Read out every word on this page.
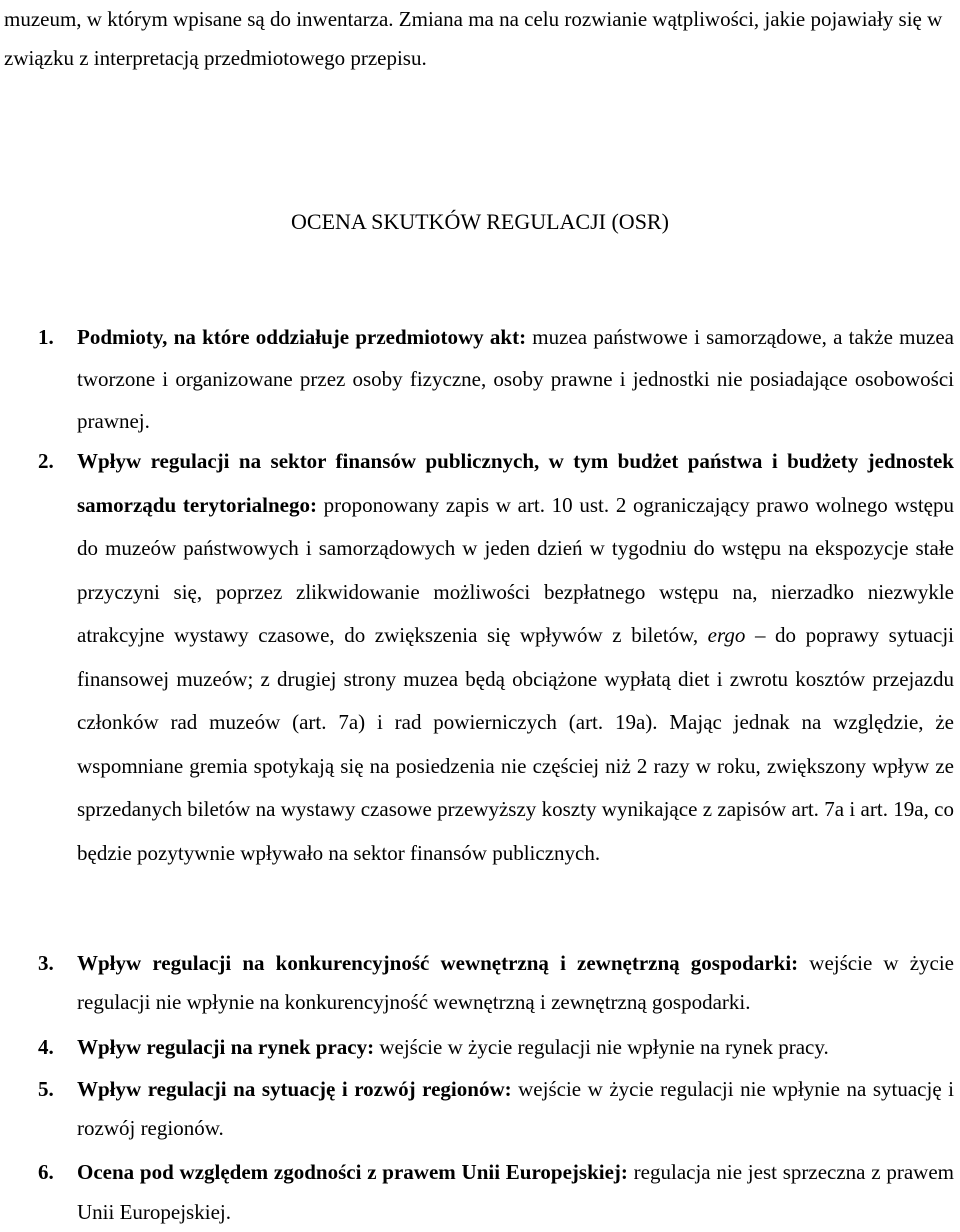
muzeum, w którym wpisane są do inwentarza. Zmiana ma na celu rozwianie wątpliwości, jakie pojawiały się w związku z interpretacją przedmiotowego przepisu.

OCENA SKUTKÓW REGULACJI (OSR)
1. Podmioty, na które oddziałuje przedmiotowy akt: muzea państwowe i samorządowe, a także muzea tworzone i organizowane przez osoby fizyczne, osoby prawne i jednostki nie posiadające osobowości prawnej.
2. Wpływ regulacji na sektor finansów publicznych, w tym budżet państwa i budżety jednostek samorządu terytorialnego: proponowany zapis w art. 10 ust. 2 ograniczający prawo wolnego wstępu do muzeów państwowych i samorządowych w jeden dzień w tygodniu do wstępu na ekspozycje stałe przyczyni się, poprzez zlikwidowanie możliwości bezpłatnego wstępu na, nierzadko niezwykle atrakcyjne wystawy czasowe, do zwiększenia się wpływów z biletów, ergo – do poprawy sytuacji finansowej muzeów; z drugiej strony muzea będą obciążone wypłatą diet i zwrotu kosztów przejazdu członków rad muzeów (art. 7a) i rad powierniczych (art. 19a). Mając jednak na względzie, że wspomniane gremia spotykają się na posiedzenia nie częściej niż 2 razy w roku, zwiększony wpływ ze sprzedanych biletów na wystawy czasowe przewyższy koszty wynikające z zapisów art. 7a i art. 19a, co będzie pozytywnie wpływało na sektor finansów publicznych.
3. Wpływ regulacji na konkurencyjność wewnętrzną i zewnętrzną gospodarki: wejście w życie regulacji nie wpłynie na konkurencyjność wewnętrzną i zewnętrzną gospodarki.
4. Wpływ regulacji na rynek pracy: wejście w życie regulacji nie wpłynie na rynek pracy.
5. Wpływ regulacji na sytuację i rozwój regionów: wejście w życie regulacji nie wpłynie na sytuację i rozwój regionów.
6. Ocena pod względem zgodności z prawem Unii Europejskiej: regulacja nie jest sprzeczna z prawem Unii Europejskiej.
